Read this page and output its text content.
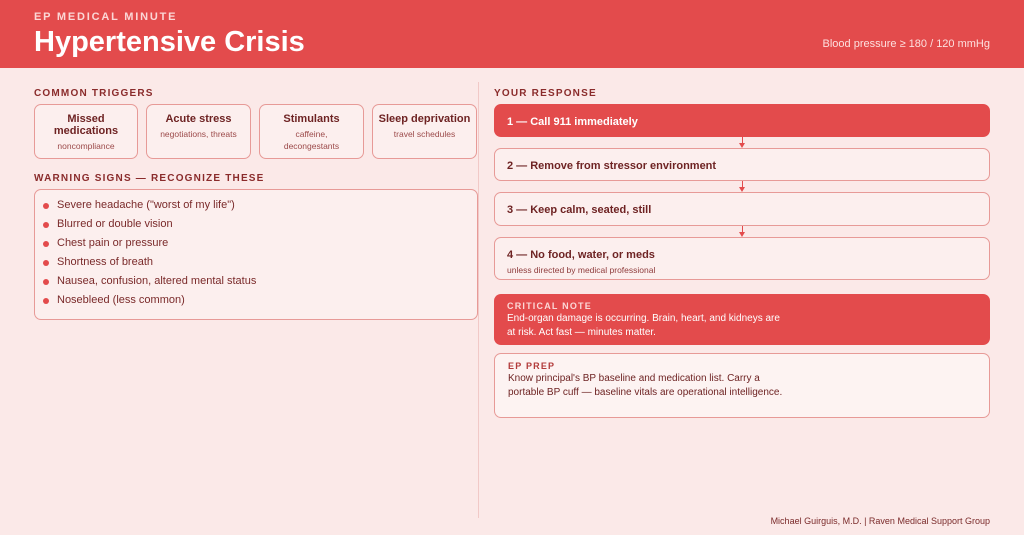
EP MEDICAL MINUTE
Hypertensive Crisis	Blood pressure ≥ 180 / 120 mmHg
COMMON TRIGGERS
Missed medications
noncompliance
Acute stress
negotiations, threats
Stimulants
caffeine, decongestants
Sleep deprivation
travel schedules
WARNING SIGNS — RECOGNIZE THESE
Severe headache ("worst of my life")
Blurred or double vision
Chest pain or pressure
Shortness of breath
Nausea, confusion, altered mental status
Nosebleed (less common)
YOUR RESPONSE
1 — Call 911 immediately
2 — Remove from stressor environment
3 — Keep calm, seated, still
4 — No food, water, or meds
unless directed by medical professional
CRITICAL NOTE
End-organ damage is occurring. Brain, heart, and kidneys are at risk. Act fast — minutes matter.
EP PREP
Know principal's BP baseline and medication list. Carry a portable BP cuff — baseline vitals are operational intelligence.
Michael Guirguis, M.D. | Raven Medical Support Group
